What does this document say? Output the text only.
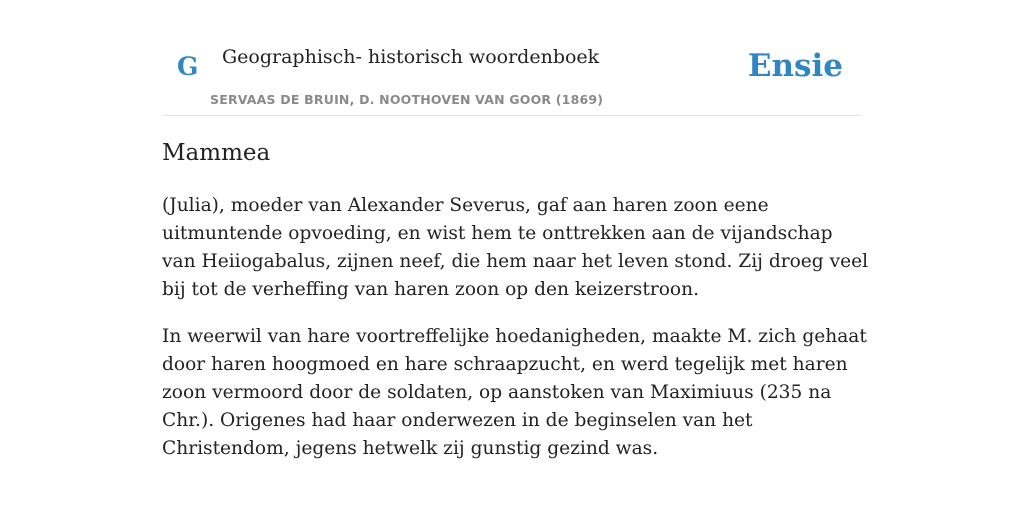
G Geographisch- historisch woordenboek
SERVAAS DE BRUIN, D. NOOTHOVEN VAN GOOR (1869)
Ensie
Mammea

(Julia), moeder van Alexander Severus, gaf aan haren zoon eene uitmuntende opvoeding, en wist hem te onttrekken aan de vijandschap van Heiiogabalus, zijnen neef, die hem naar het leven stond. Zij droeg veel bij tot de verheffing van haren zoon op den keizerstroon.

In weerwil van hare voortreffelijke hoedanigheden, maakte M. zich gehaat door haren hoogmoed en hare schraapzucht, en werd tegelijk met haren zoon vermoord door de soldaten, op aanstoken van Maximiuus (235 na Chr.). Origenes had haar onderwezen in de beginselen van het Christendom, jegens hetwelk zij gunstig gezind was.
